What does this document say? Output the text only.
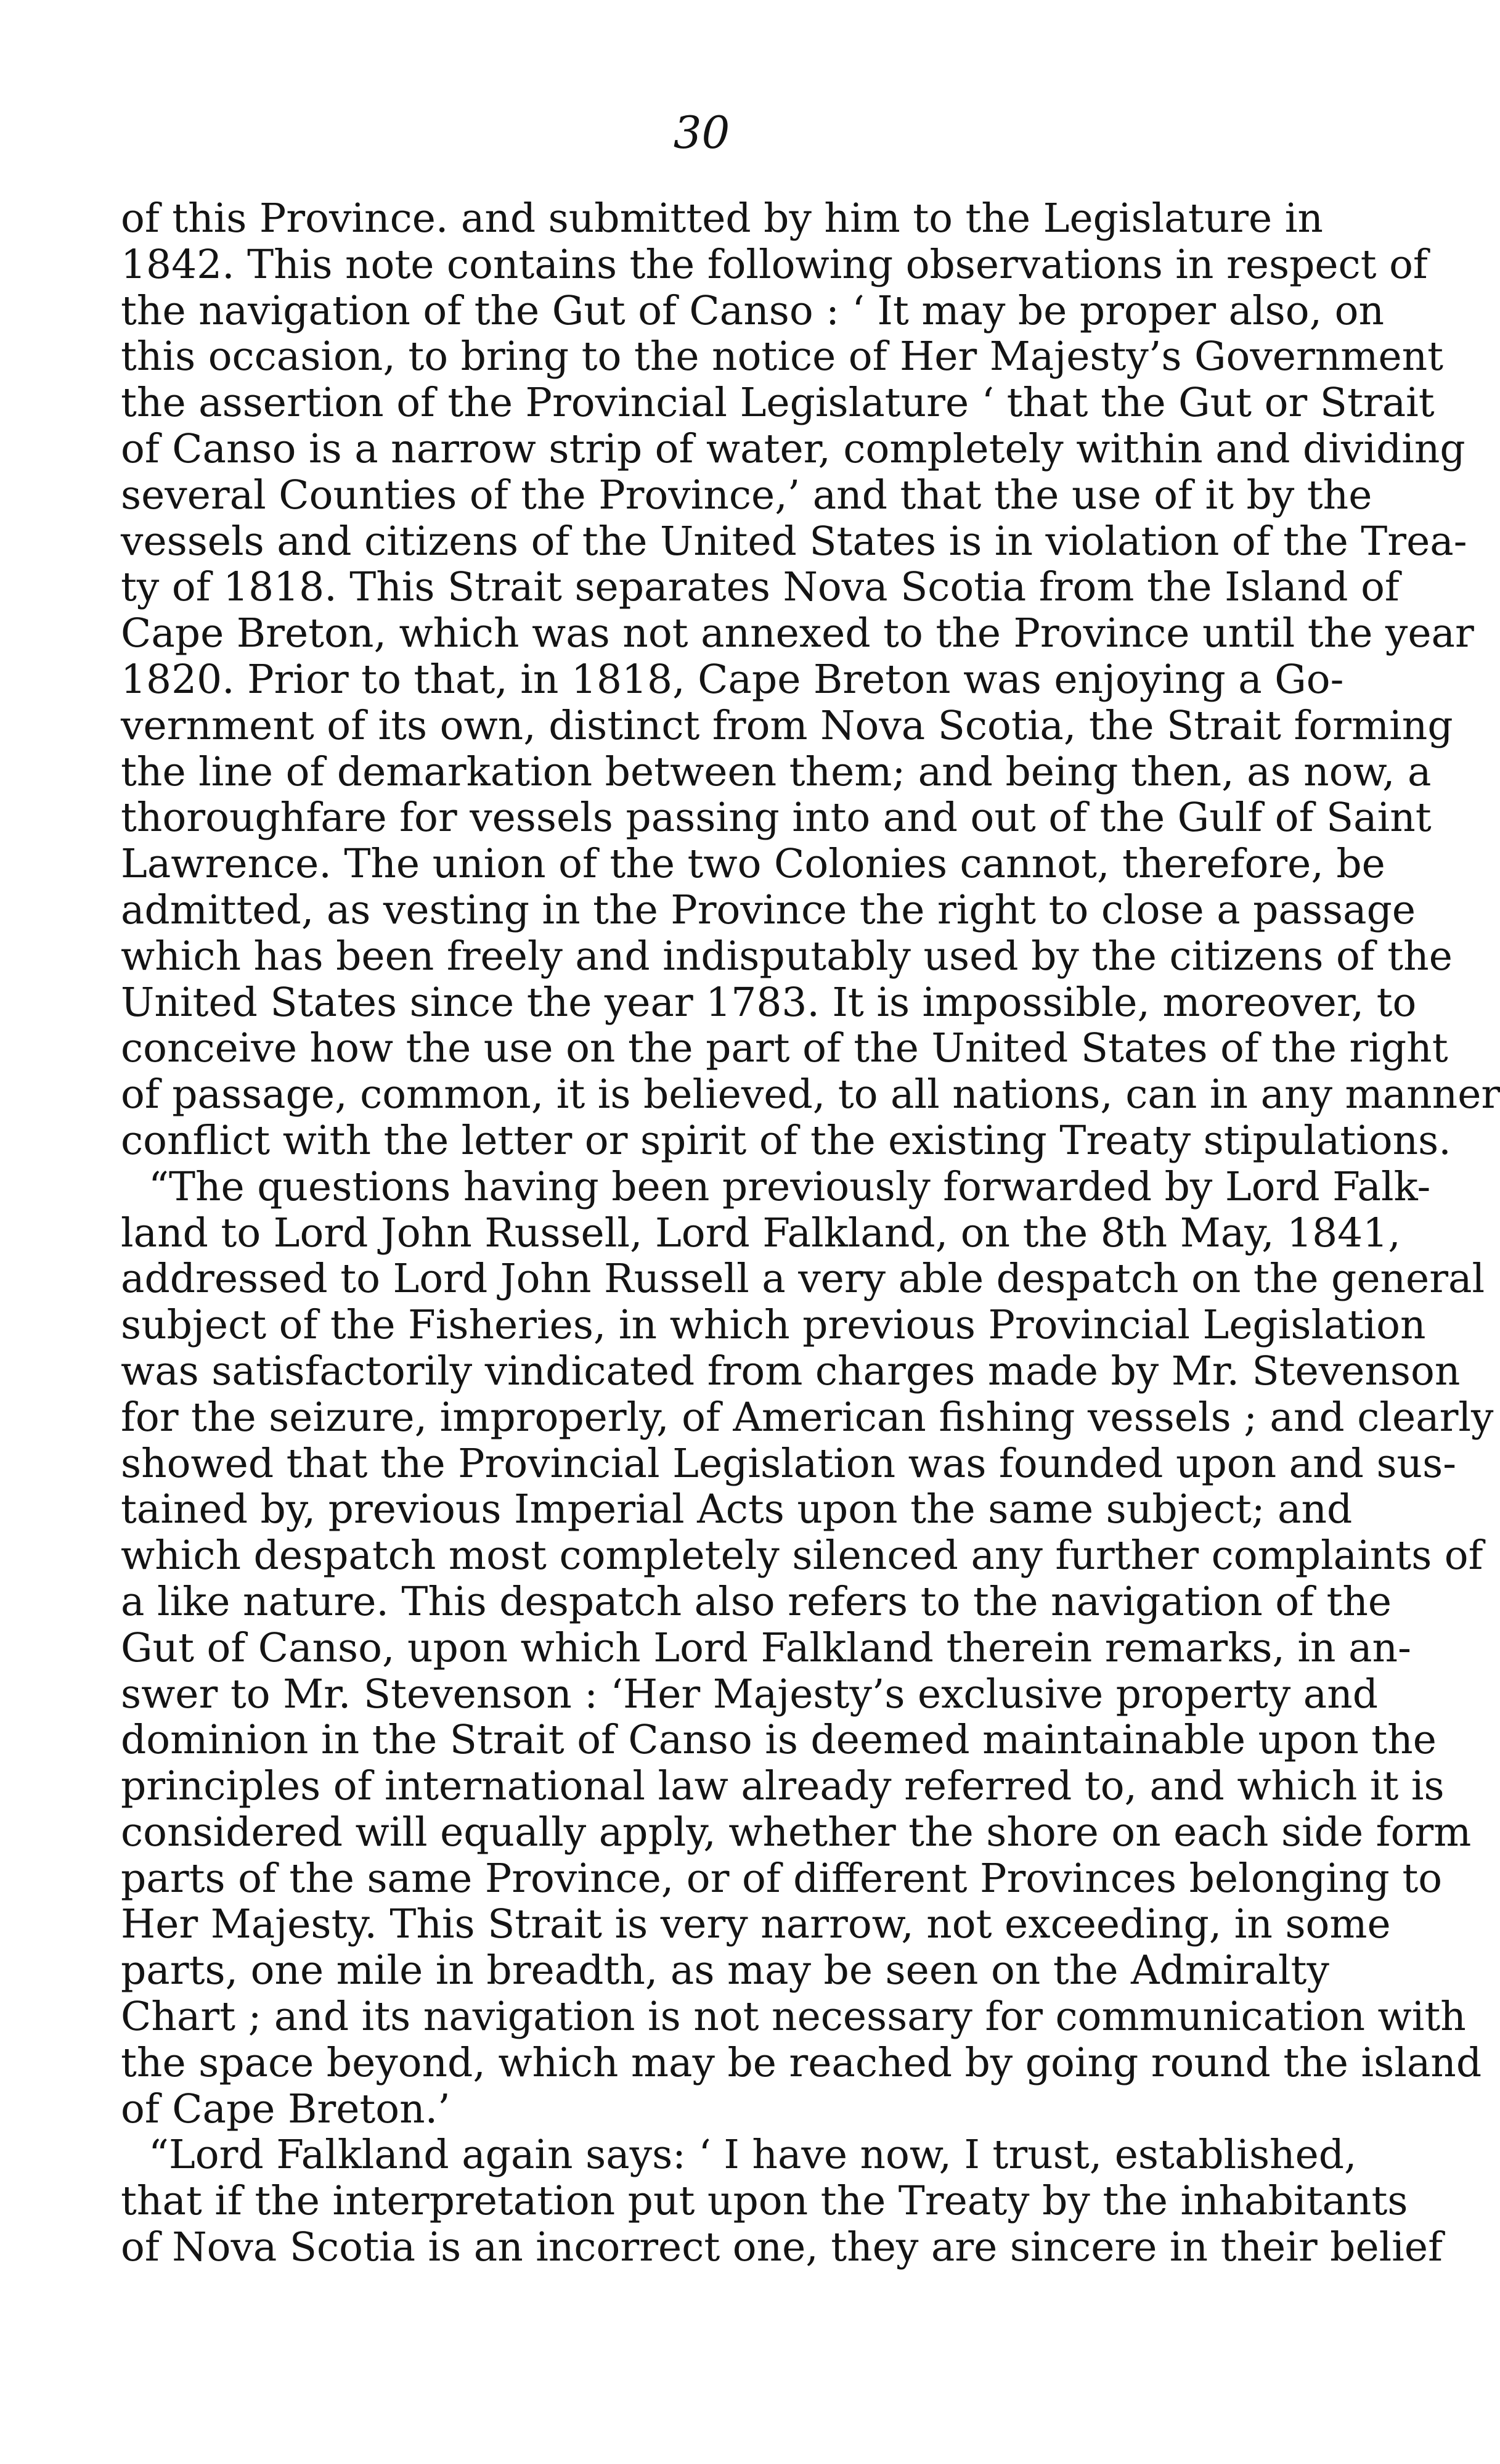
30
of this Province. and submitted by him to the Legislature in
1842. This note contains the following observations in respect of
the navigation of the Gut of Canso : ‘ It may be proper also, on
this occasion, to bring to the notice of Her Majesty’s Government
the assertion of the Provincial Legislature ‘ that the Gut or Strait
of Canso is a narrow strip of water, completely within and dividing
several Counties of the Province,’ and that the use of it by the
vessels and citizens of the United States is in violation of the Trea-
ty of 1818. This Strait separates Nova Scotia from the Island of
Cape Breton, which was not annexed to the Province until the year
1820. Prior to that, in 1818, Cape Breton was enjoying a Go-
vernment of its own, distinct from Nova Scotia, the Strait forming
the line of demarkation between them; and being then, as now, a
thoroughfare for vessels passing into and out of the Gulf of Saint
Lawrence. The union of the two Colonies cannot, therefore, be
admitted, as vesting in the Province the right to close a passage
which has been freely and indisputably used by the citizens of the
United States since the year 1783. It is impossible, moreover, to
conceive how the use on the part of the United States of the right
of passage, common, it is believed, to all nations, can in any manner
conflict with the letter or spirit of the existing Treaty stipulations.
“The questions having been previously forwarded by Lord Falk-
land to Lord John Russell, Lord Falkland, on the 8th May, 1841,
addressed to Lord John Russell a very able despatch on the general
subject of the Fisheries, in which previous Provincial Legislation
was satisfactorily vindicated from charges made by Mr. Stevenson
for the seizure, improperly, of American fishing vessels ; and clearly
showed that the Provincial Legislation was founded upon and sus-
tained by, previous Imperial Acts upon the same subject; and
which despatch most completely silenced any further complaints of
a like nature. This despatch also refers to the navigation of the
Gut of Canso, upon which Lord Falkland therein remarks, in an-
swer to Mr. Stevenson : ‘Her Majesty’s exclusive property and
dominion in the Strait of Canso is deemed maintainable upon the
principles of international law already referred to, and which it is
considered will equally apply, whether the shore on each side form
parts of the same Province, or of different Provinces belonging to
Her Majesty. This Strait is very narrow, not exceeding, in some
parts, one mile in breadth, as may be seen on the Admiralty
Chart ; and its navigation is not necessary for communication with
the space beyond, which may be reached by going round the island
of Cape Breton.’
“Lord Falkland again says: ‘ I have now, I trust, established,
that if the interpretation put upon the Treaty by the inhabitants
of Nova Scotia is an incorrect one, they are sincere in their belief
